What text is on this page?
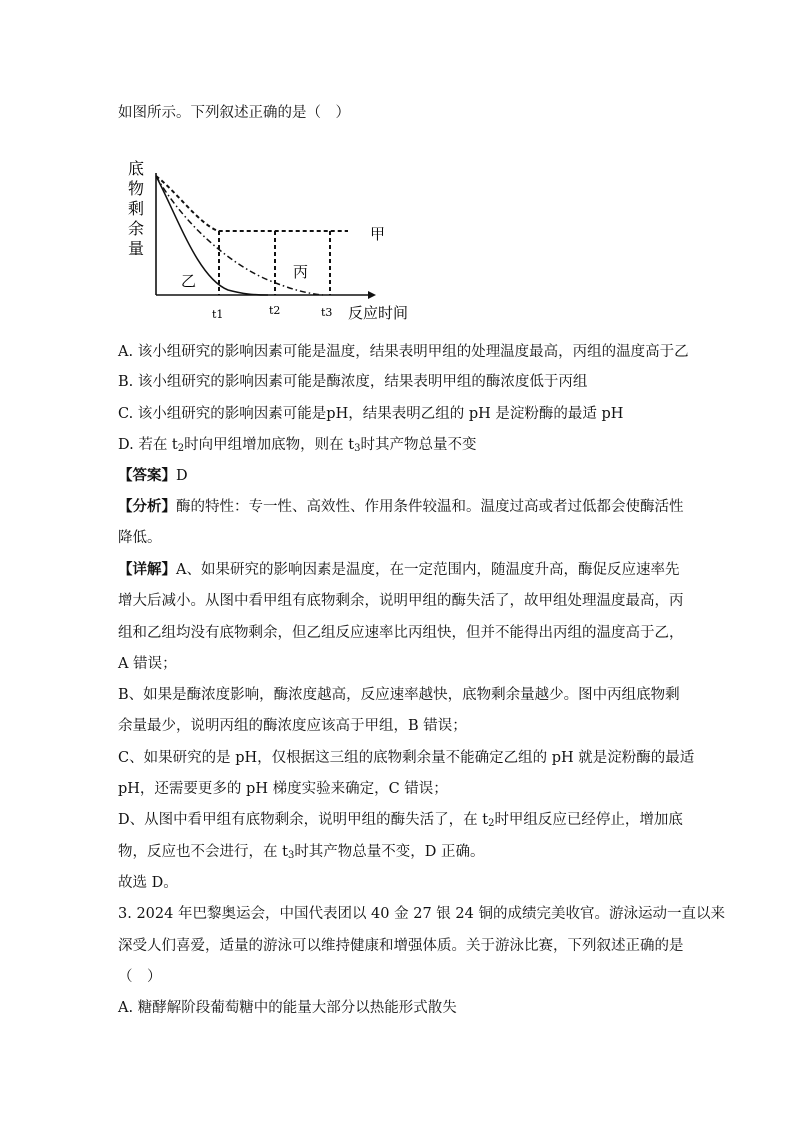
如图所示。下列叙述正确的是（　）
底
物
剩
余
量
甲
丙
乙
t1	t2	t3 反应时间
A. 该小组研究的影响因素可能是温度，结果表明甲组的处理温度最高，丙组的温度高于乙
B. 该小组研究的影响因素可能是酶浓度，结果表明甲组的酶浓度低于丙组
C. 该小组研究的影响因素可能是pH，结果表明乙组的 pH 是淀粉酶的最适 pH
D. 若在 $t_2$时向甲组增加底物，则在 $t_3$时其产物总量不变
【答案】D
【分析】酶的特性：专一性、高效性、作用条件较温和。温度过高或者过低都会使酶活性
降低。
【详解】A、如果研究的影响因素是温度，在一定范围内，随温度升高，酶促反应速率先
增大后减小。从图中看甲组有底物剩余，说明甲组的酶失活了，故甲组处理温度最高，丙
组和乙组均没有底物剩余，但乙组反应速率比丙组快，但并不能得出丙组的温度高于乙，
A 错误；
B、如果是酶浓度影响，酶浓度越高，反应速率越快，底物剩余量越少。图中丙组底物剩
余量最少，说明丙组的酶浓度应该高于甲组，B 错误；
C、如果研究的是 pH，仅根据这三组的底物剩余量不能确定乙组的 pH 就是淀粉酶的最适
pH，还需要更多的 pH 梯度实验来确定，C 错误；
D、从图中看甲组有底物剩余，说明甲组的酶失活了，在 $t_2$时甲组反应已经停止，增加底
物，反应也不会进行，在 $t_3$时其产物总量不变，D 正确。
故选 D。
3. 2024 年巴黎奥运会，中国代表团以 40 金 27 银 24 铜的成绩完美收官。游泳运动一直以来
深受人们喜爱，适量的游泳可以维持健康和增强体质。关于游泳比赛，下列叙述正确的是
（　）
A. 糖酵解阶段葡萄糖中的能量大部分以热能形式散失
